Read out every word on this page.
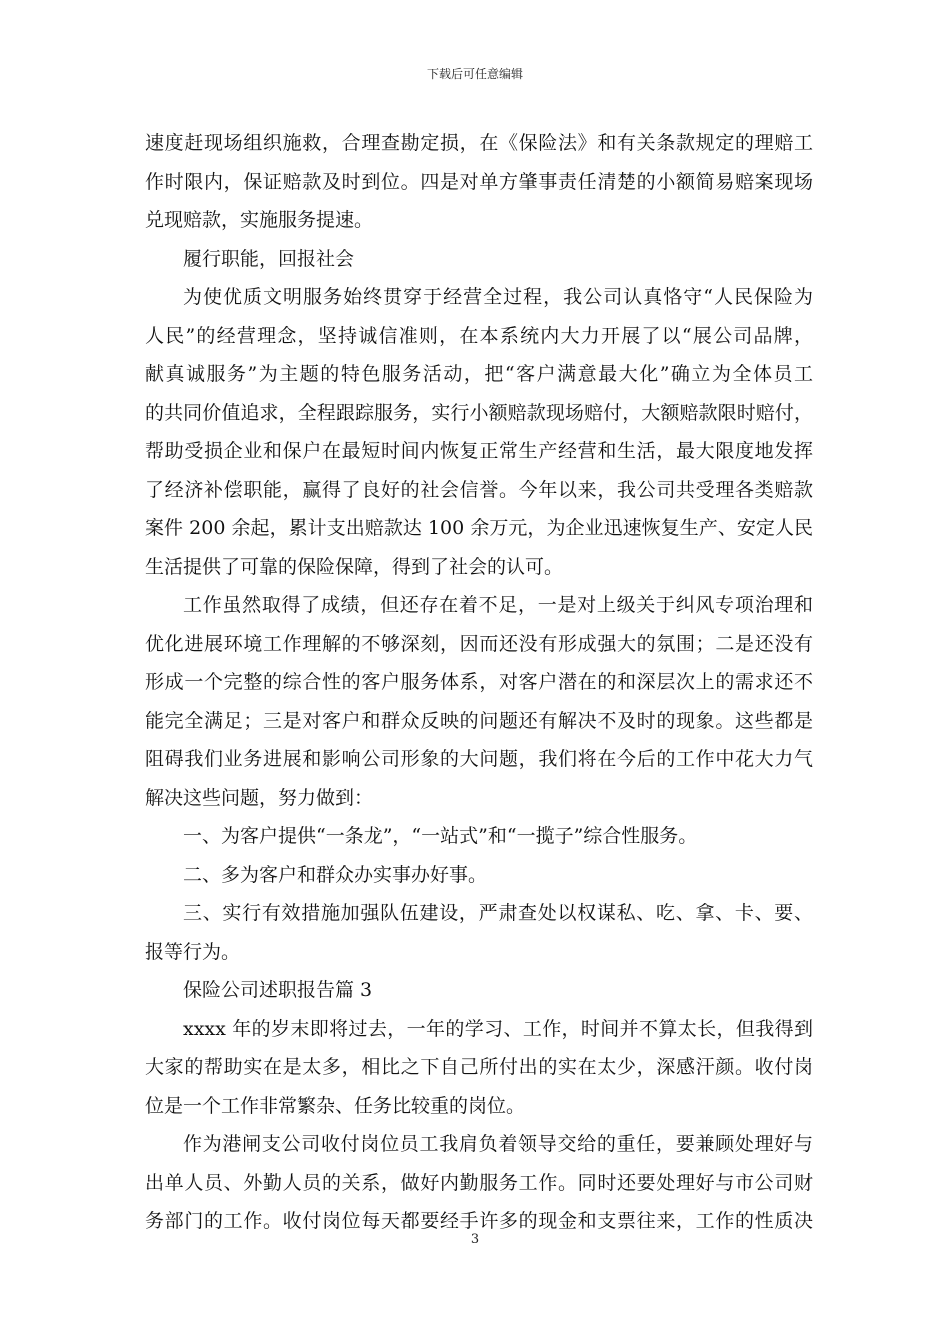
下载后可任意编辑
速度赶现场组织施救，合理查勘定损，在《保险法》和有关条款规定的理赔工
作时限内，保证赔款及时到位。四是对单方肇事责任清楚的小额简易赔案现场
兑现赔款，实施服务提速。
履行职能，回报社会
为使优质文明服务始终贯穿于经营全过程，我公司认真恪守“人民保险为
人民”的经营理念，坚持诚信准则，在本系统内大力开展了以“展公司品牌，
献真诚服务”为主题的特色服务活动，把“客户满意最大化”确立为全体员工
的共同价值追求，全程跟踪服务，实行小额赔款现场赔付，大额赔款限时赔付，
帮助受损企业和保户在最短时间内恢复正常生产经营和生活，最大限度地发挥
了经济补偿职能，赢得了良好的社会信誉。今年以来，我公司共受理各类赔款
案件 200 余起，累计支出赔款达 100 余万元，为企业迅速恢复生产、安定人民
生活提供了可靠的保险保障，得到了社会的认可。
工作虽然取得了成绩，但还存在着不足，一是对上级关于纠风专项治理和
优化进展环境工作理解的不够深刻，因而还没有形成强大的氛围；二是还没有
形成一个完整的综合性的客户服务体系，对客户潜在的和深层次上的需求还不
能完全满足；三是对客户和群众反映的问题还有解决不及时的现象。这些都是
阻碍我们业务进展和影响公司形象的大问题，我们将在今后的工作中花大力气
解决这些问题，努力做到：
一、为客户提供“一条龙”，“一站式”和“一揽子”综合性服务。
二、多为客户和群众办实事办好事。
三、实行有效措施加强队伍建设，严肃查处以权谋私、吃、拿、卡、要、
报等行为。
保险公司述职报告篇 3
xxxx 年的岁末即将过去，一年的学习、工作，时间并不算太长，但我得到
大家的帮助实在是太多，相比之下自己所付出的实在太少，深感汗颜。收付岗
位是一个工作非常繁杂、任务比较重的岗位。
作为港闸支公司收付岗位员工我肩负着领导交给的重任，要兼顾处理好与
出单人员、外勤人员的关系，做好内勤服务工作。同时还要处理好与市公司财
务部门的工作。收付岗位每天都要经手许多的现金和支票往来，工作的性质决
3
